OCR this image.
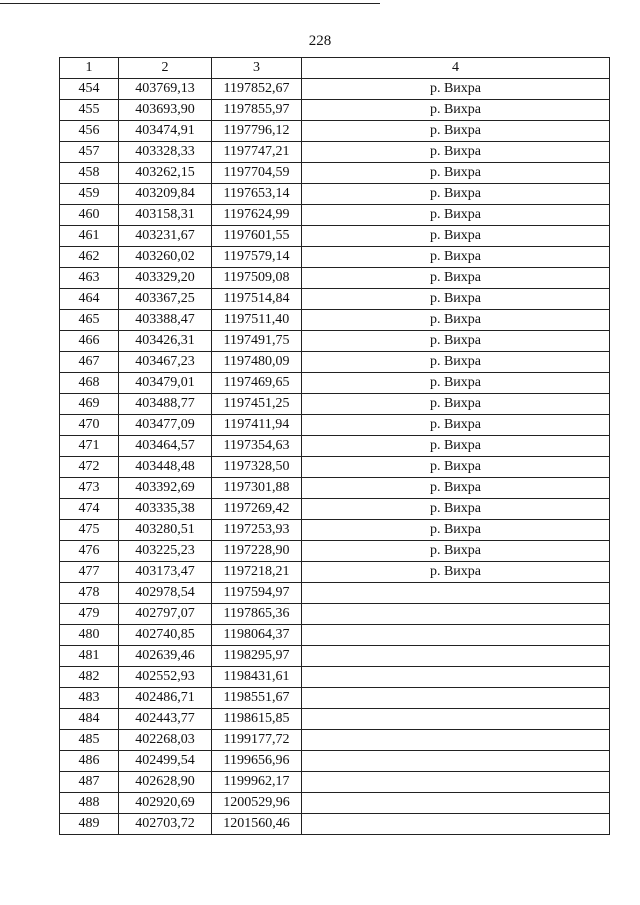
228
1	2	3	4
454	403769,13	1197852,67	р. Вихра
455	403693,90	1197855,97	р. Вихра
456	403474,91	1197796,12	р. Вихра
457	403328,33	1197747,21	р. Вихра
458	403262,15	1197704,59	р. Вихра
459	403209,84	1197653,14	р. Вихра
460	403158,31	1197624,99	р. Вихра
461	403231,67	1197601,55	р. Вихра
462	403260,02	1197579,14	р. Вихра
463	403329,20	1197509,08	р. Вихра
464	403367,25	1197514,84	р. Вихра
465	403388,47	1197511,40	р. Вихра
466	403426,31	1197491,75	р. Вихра
467	403467,23	1197480,09	р. Вихра
468	403479,01	1197469,65	р. Вихра
469	403488,77	1197451,25	р. Вихра
470	403477,09	1197411,94	р. Вихра
471	403464,57	1197354,63	р. Вихра
472	403448,48	1197328,50	р. Вихра
473	403392,69	1197301,88	р. Вихра
474	403335,38	1197269,42	р. Вихра
475	403280,51	1197253,93	р. Вихра
476	403225,23	1197228,90	р. Вихра
477	403173,47	1197218,21	р. Вихра
478	402978,54	1197594,97	
479	402797,07	1197865,36	
480	402740,85	1198064,37	
481	402639,46	1198295,97	
482	402552,93	1198431,61	
483	402486,71	1198551,67	
484	402443,77	1198615,85	
485	402268,03	1199177,72	
486	402499,54	1199656,96	
487	402628,90	1199962,17	
488	402920,69	1200529,96	
489	402703,72	1201560,46	
